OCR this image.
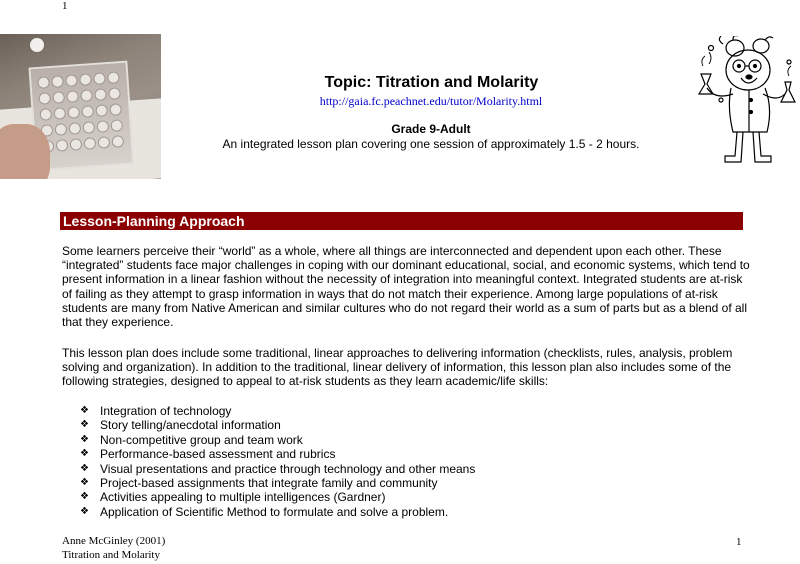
1
Topic: Titration and Molarity
http://gaia.fc.peachnet.edu/tutor/Molarity.html
Grade 9-Adult
An integrated lesson plan covering one session of approximately 1.5 - 2 hours.
Lesson-Planning Approach
Some learners perceive their “world” as a whole, where all things are interconnected and dependent upon each other. These “integrated” students face major challenges in coping with our dominant educational, social, and economic systems, which tend to present information in a linear fashion without the necessity of integration into meaningful context. Integrated students are at-risk of failing as they attempt to grasp information in ways that do not match their experience. Among large populations of at-risk students are many from Native American and similar cultures who do not regard their world as a sum of parts but as a blend of all that they experience.
This lesson plan does include some traditional, linear approaches to delivering information (checklists, rules, analysis, problem solving and organization). In addition to the traditional, linear delivery of information, this lesson plan also includes some of the following strategies, designed to appeal to at-risk students as they learn academic/life skills:
❖ Integration of technology
❖ Story telling/anecdotal information
❖ Non-competitive group and team work
❖ Performance-based assessment and rubrics
❖ Visual presentations and practice through technology and other means
❖ Project-based assignments that integrate family and community
❖ Activities appealing to multiple intelligences (Gardner)
❖ Application of Scientific Method to formulate and solve a problem.
Anne McGinley (2001)
Titration and Molarity
1
